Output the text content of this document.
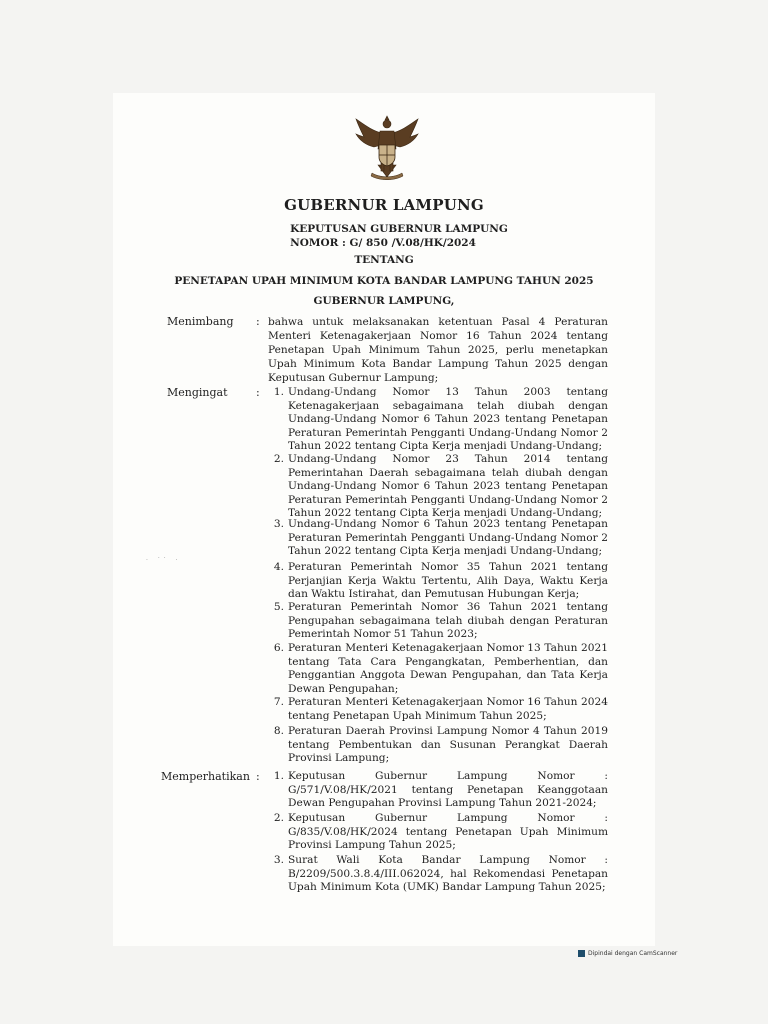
GUBERNUR LAMPUNG
KEPUTUSAN GUBERNUR LAMPUNG
NOMOR : G/ 850 /V.08/HK/2024
TENTANG
PENETAPAN UPAH MINIMUM KOTA BANDAR LAMPUNG TAHUN 2025
GUBERNUR LAMPUNG,
Menimbang : bahwa untuk melaksanakan ketentuan Pasal 4 Peraturan Menteri Ketenagakerjaan Nomor 16 Tahun 2024 tentang Penetapan Upah Minimum Tahun 2025, perlu menetapkan Upah Minimum Kota Bandar Lampung Tahun 2025 dengan Keputusan Gubernur Lampung;
Mengingat	:	1. Undang-Undang Nomor 13 Tahun 2003 tentang Ketenagakerjaan sebagaimana telah diubah dengan Undang-Undang Nomor 6 Tahun 2023 tentang Penetapan Peraturan Pemerintah Pengganti Undang-Undang Nomor 2 Tahun 2022 tentang Cipta Kerja menjadi Undang-Undang;
2. Undang-Undang Nomor 23 Tahun 2014 tentang Pemerintahan Daerah sebagaimana telah diubah dengan Undang-Undang Nomor 6 Tahun 2023 tentang Penetapan Peraturan Pemerintah Pengganti Undang-Undang Nomor 2 Tahun 2022 tentang Cipta Kerja menjadi Undang-Undang;
3. Undang-Undang Nomor 6 Tahun 2023 tentang Penetapan Peraturan Pemerintah Pengganti Undang-Undang Nomor 2 Tahun 2022 tentang Cipta Kerja menjadi Undang-Undang;
4. Peraturan Pemerintah Nomor 35 Tahun 2021 tentang Perjanjian Kerja Waktu Tertentu, Alih Daya, Waktu Kerja dan Waktu Istirahat, dan Pemutusan Hubungan Kerja;
5. Peraturan Pemerintah Nomor 36 Tahun 2021 tentang Pengupahan sebagaimana telah diubah dengan Peraturan Pemerintah Nomor 51 Tahun 2023;
6. Peraturan Menteri Ketenagakerjaan Nomor 13 Tahun 2021 tentang Tata Cara Pengangkatan, Pemberhentian, dan Penggantian Anggota Dewan Pengupahan, dan Tata Kerja Dewan Pengupahan;
7. Peraturan Menteri Ketenagakerjaan Nomor 16 Tahun 2024 tentang Penetapan Upah Minimum Tahun 2025;
8. Peraturan Daerah Provinsi Lampung Nomor 4 Tahun 2019 tentang Pembentukan dan Susunan Perangkat Daerah Provinsi Lampung;
Memperhatikan :	1. Keputusan Gubernur Lampung Nomor : G/571/V.08/HK/2021 tentang Penetapan Keanggotaan Dewan Pengupahan Provinsi Lampung Tahun 2021-2024;
2. Keputusan Gubernur Lampung Nomor : G/835/V.08/HK/2024 tentang Penetapan Upah Minimum Provinsi Lampung Tahun 2025;
3. Surat Wali Kota Bandar Lampung Nomor : B/2209/500.3.8.4/III.062024, hal Rekomendasi Penetapan Upah Minimum Kota (UMK) Bandar Lampung Tahun 2025;
. ·· .
Dipindai dengan CamScanner
